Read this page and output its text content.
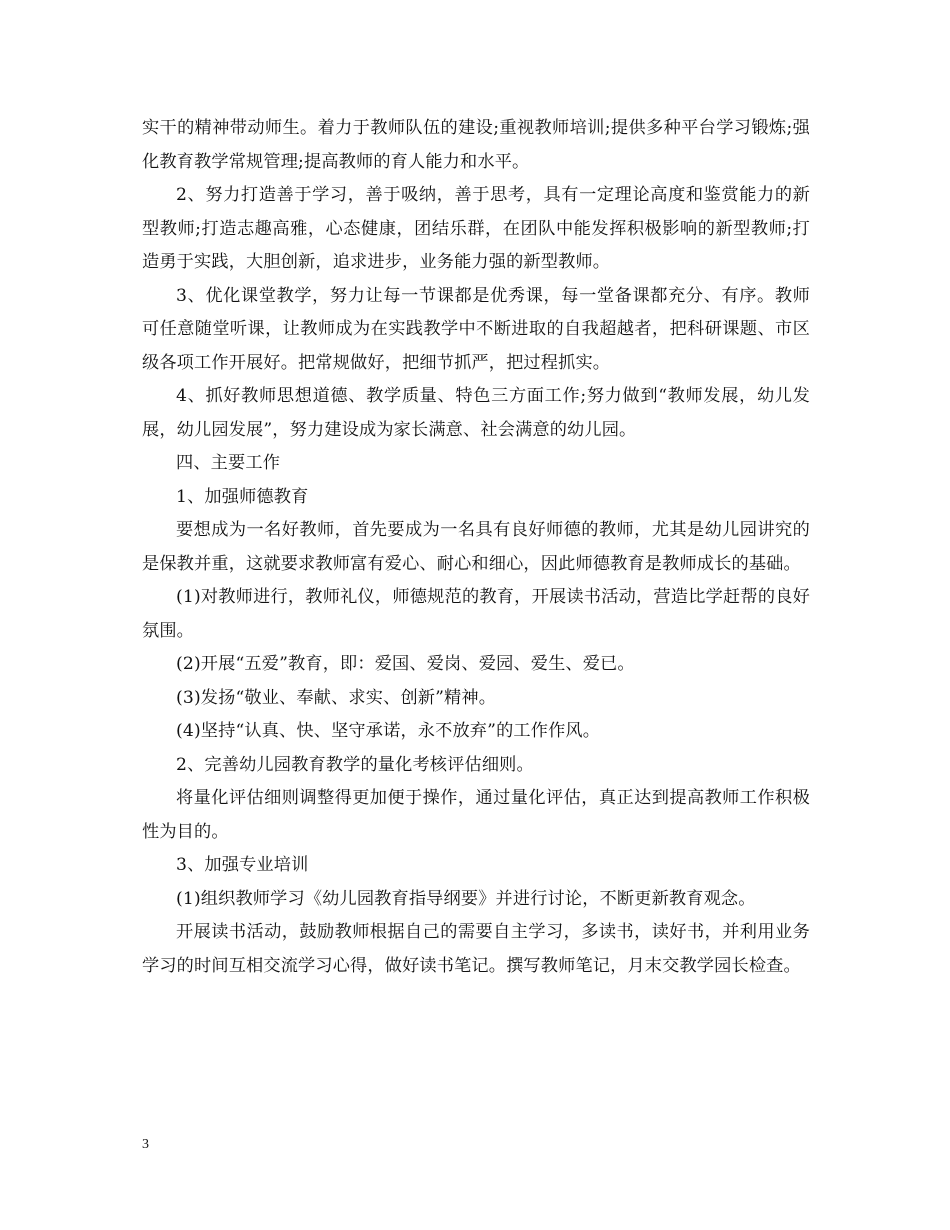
实干的精神带动师生。着力于教师队伍的建设;重视教师培训;提供多种平台学习锻炼;强化教育教学常规管理;提高教师的育人能力和水平。

2、努力打造善于学习，善于吸纳，善于思考，具有一定理论高度和鉴赏能力的新型教师;打造志趣高雅，心态健康，团结乐群，在团队中能发挥积极影响的新型教师;打造勇于实践，大胆创新，追求进步，业务能力强的新型教师。

3、优化课堂教学，努力让每一节课都是优秀课，每一堂备课都充分、有序。教师可任意随堂听课，让教师成为在实践教学中不断进取的自我超越者，把科研课题、市区级各项工作开展好。把常规做好，把细节抓严，把过程抓实。

4、抓好教师思想道德、教学质量、特色三方面工作;努力做到“教师发展，幼儿发展，幼儿园发展”，努力建设成为家长满意、社会满意的幼儿园。

四、主要工作

1、加强师德教育

要想成为一名好教师，首先要成为一名具有良好师德的教师，尤其是幼儿园讲究的是保教并重，这就要求教师富有爱心、耐心和细心，因此师德教育是教师成长的基础。

(1)对教师进行，教师礼仪，师德规范的教育，开展读书活动，营造比学赶帮的良好氛围。

(2)开展“五爱”教育，即：爱国、爱岗、爱园、爱生、爱已。

(3)发扬“敬业、奉献、求实、创新”精神。

(4)坚持“认真、快、坚守承诺，永不放弃”的工作作风。

2、完善幼儿园教育教学的量化考核评估细则。

将量化评估细则调整得更加便于操作，通过量化评估，真正达到提高教师工作积极性为目的。

3、加强专业培训

(1)组织教师学习《幼儿园教育指导纲要》并进行讨论，不断更新教育观念。

开展读书活动，鼓励教师根据自己的需要自主学习，多读书，读好书，并利用业务学习的时间互相交流学习心得，做好读书笔记。撰写教师笔记，月末交教学园长检查。

3
